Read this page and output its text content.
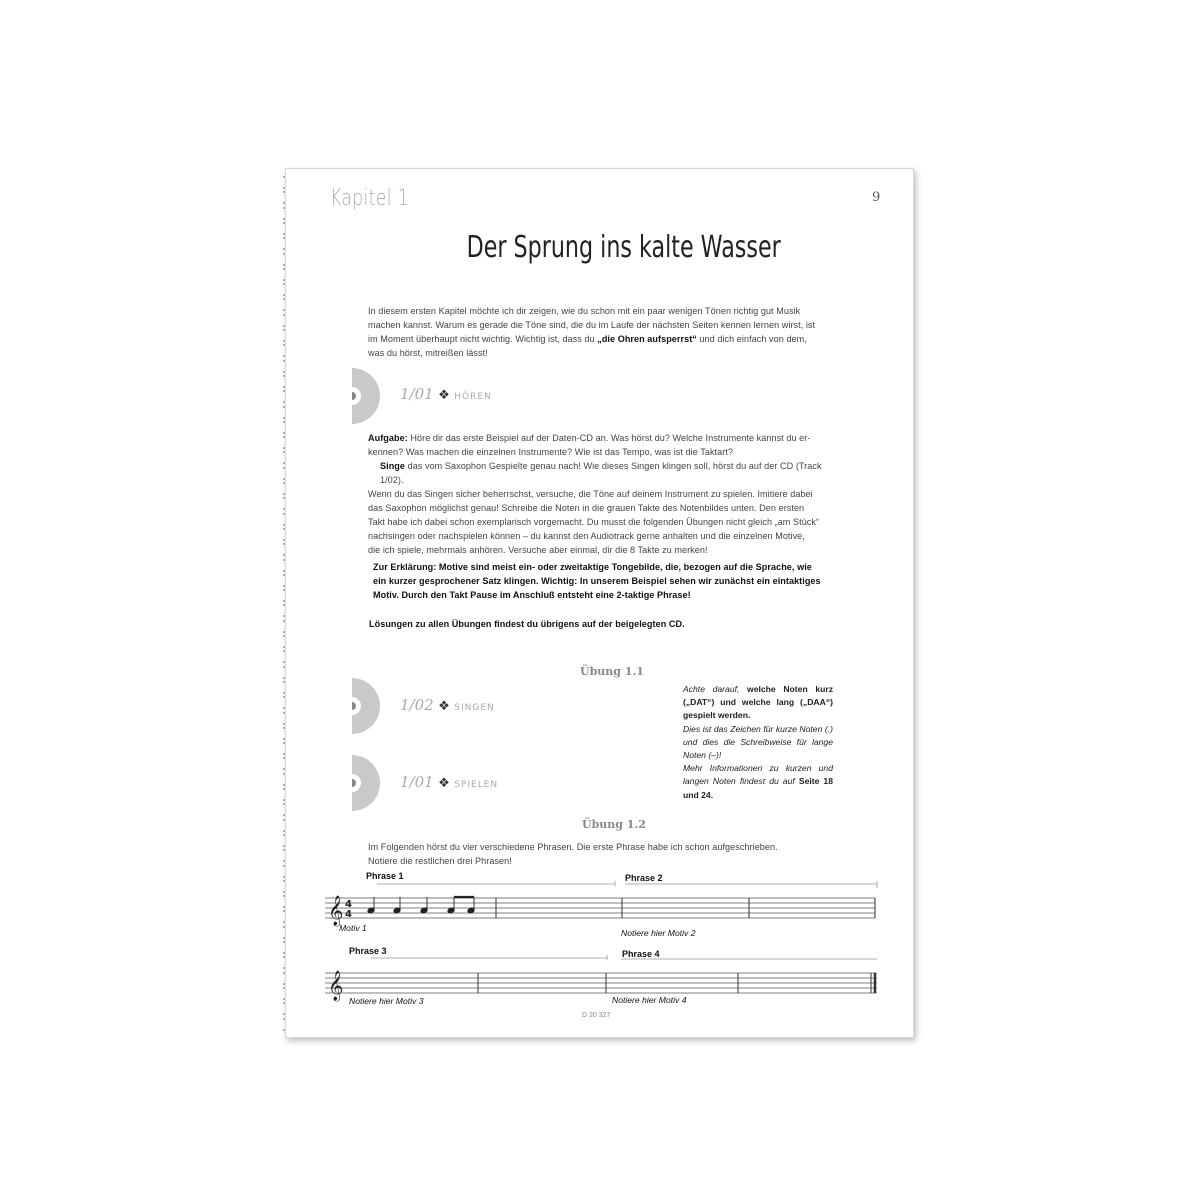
Kapitel 1	9
Der Sprung ins kalte Wasser
In diesem ersten Kapitel möchte ich dir zeigen, wie du schon mit ein paar wenigen Tönen richtig gut Musik
machen kannst. Warum es gerade die Töne sind, die du im Laufe der nächsten Seiten kennen lernen wirst, ist
im Moment überhaupt nicht wichtig. Wichtig ist, dass du „die Ohren aufsperrst“ und dich einfach von dem,
was du hörst, mitreißen lässt!
1/01 ❖ HÖREN
Aufgabe: Höre dir das erste Beispiel auf der Daten-CD an. Was hörst du? Welche Instrumente kannst du er-
kennen? Was machen die einzelnen Instrumente? Wie ist das Tempo, was ist die Taktart?
Singe das vom Saxophon Gespielte genau nach! Wie dieses Singen klingen soll, hörst du auf der CD (Track 1/02).
Wenn du das Singen sicher beherrschst, versuche, die Töne auf deinem Instrument zu spielen. Imitiere dabei
das Saxophon möglichst genau! Schreibe die Noten in die grauen Takte des Notenbildes unten. Den ersten
Takt habe ich dabei schon exemplarisch vorgemacht. Du musst die folgenden Übungen nicht gleich „am Stück“
nachsingen oder nachspielen können – du kannst den Audiotrack gerne anhalten und die einzelnen Motive,
die ich spiele, mehrmals anhören. Versuche aber einmal, dir die 8 Takte zu merken!
Zur Erklärung: Motive sind meist ein- oder zweitaktige Tongebilde, die, bezogen auf die Sprache, wie
ein kurzer gesprochener Satz klingen. Wichtig: In unserem Beispiel sehen wir zunächst ein eintaktiges
Motiv. Durch den Takt Pause im Anschluß entsteht eine 2-taktige Phrase!
Lösungen zu allen Übungen findest du übrigens auf der beigelegten CD.
Übung 1.1
1/02 ❖ SINGEN
1/01 ❖ SPIELEN
Achte darauf, welche Noten kurz („DAT“) und welche lang („DAA“) gespielt werden.
Dies ist das Zeichen für kurze Noten (.) und dies die Schreibweise für lange Noten (–)!
Mehr Informationen zu kurzen und langen Noten findest du auf Seite 18 und 24.
Übung 1.2
Im Folgenden hörst du vier verschiedene Phrasen. Die erste Phrase habe ich schon aufgeschrieben.
Notiere die restlichen drei Phrasen!
Phrase 1	Phrase 2
𝄞 4
4
Motiv 1	Notiere hier Motiv 2
Phrase 3	Phrase 4
𝄞 Notiere hier Motiv 3	Notiere hier Motiv 4
D 20 327
